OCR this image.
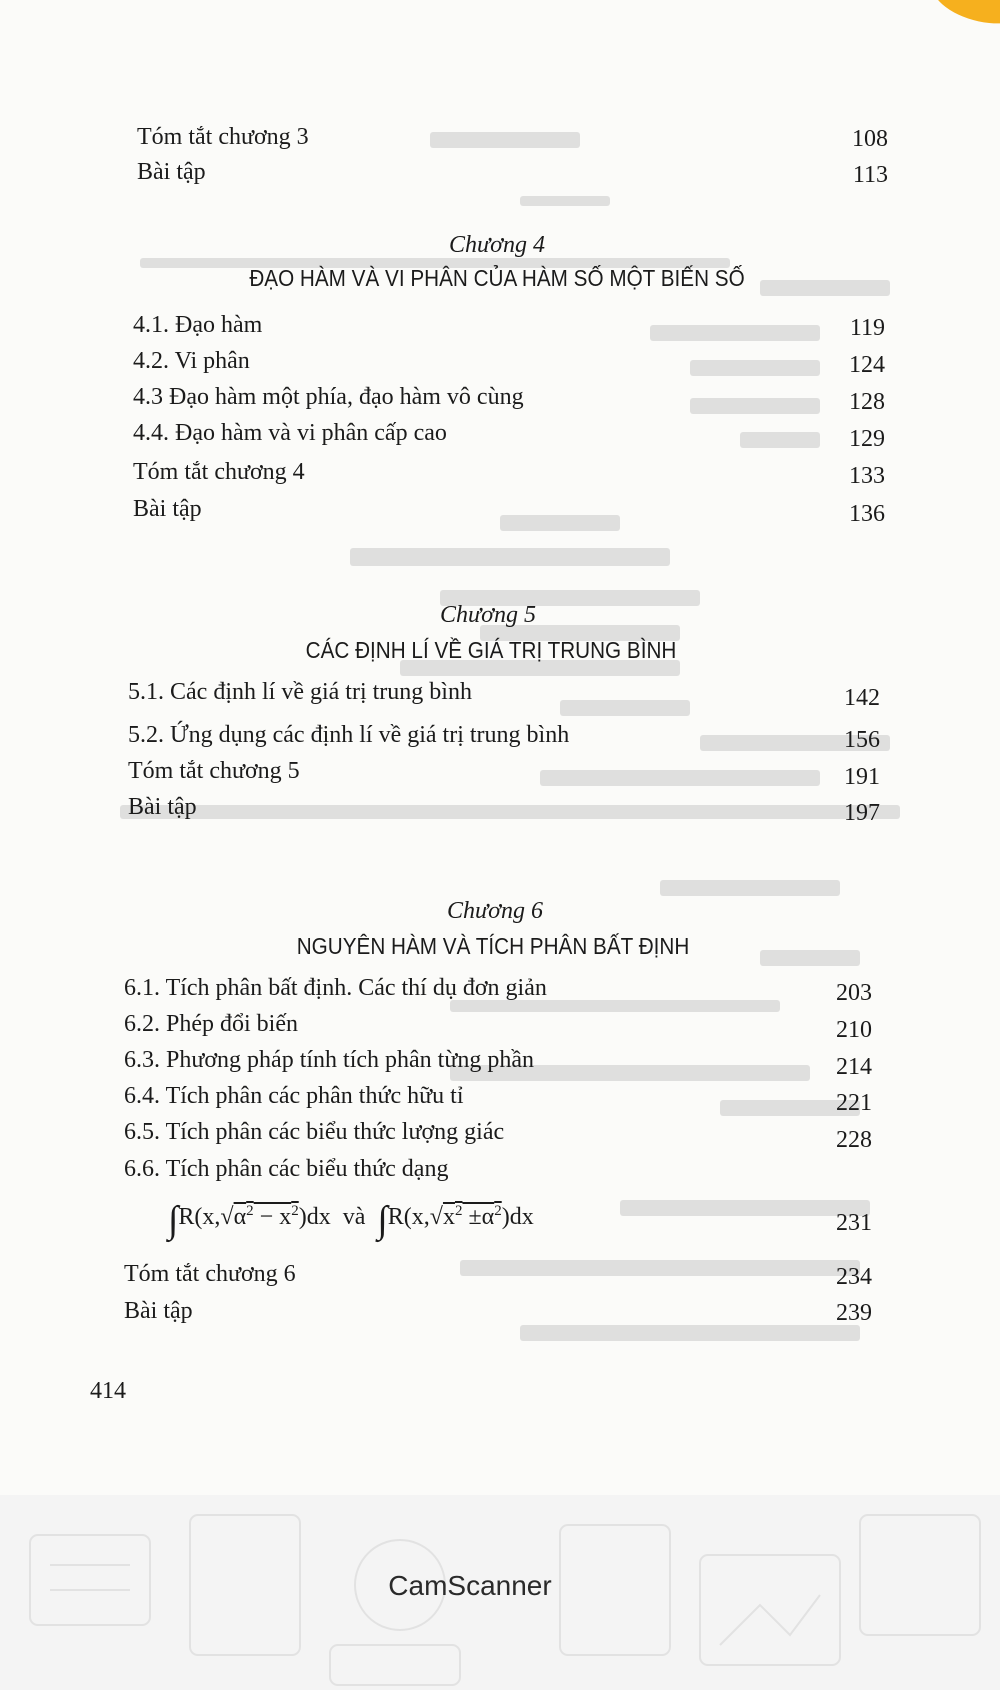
Tóm tắt chương 3	108
Bài tập	113
Chương 4
ĐẠO HÀM VÀ VI PHÂN CỦA HÀM SỐ MỘT BIẾN SỐ
4.1. Đạo hàm	119
4.2. Vi phân	124
4.3 Đạo hàm một phía, đạo hàm vô cùng	128
4.4. Đạo hàm và vi phân cấp cao	129
Tóm tắt chương 4	133
Bài tập	136
Chương 5
CÁC ĐỊNH LÍ VỀ GIÁ TRỊ TRUNG BÌNH
5.1. Các định lí về giá trị trung bình	142
5.2. Ứng dụng các định lí về giá trị trung bình	156
Tóm tắt chương 5	191
Bài tập	197
Chương 6
NGUYÊN HÀM VÀ TÍCH PHÂN BẤT ĐỊNH
6.1. Tích phân bất định. Các thí dụ đơn giản	203
6.2. Phép đổi biến	210
6.3. Phương pháp tính tích phân từng phần	214
6.4. Tích phân các phân thức hữu tỉ	221
6.5. Tích phân các biểu thức lượng giác	228
6.6. Tích phân các biểu thức dạng
$\int R(x,√\alpha^2 - x^2)dx$ và $\int R(x,√x^2 \pm\alpha^2)dx$	231
Tóm tắt chương 6	234
Bài tập	239
414
CamScanner
